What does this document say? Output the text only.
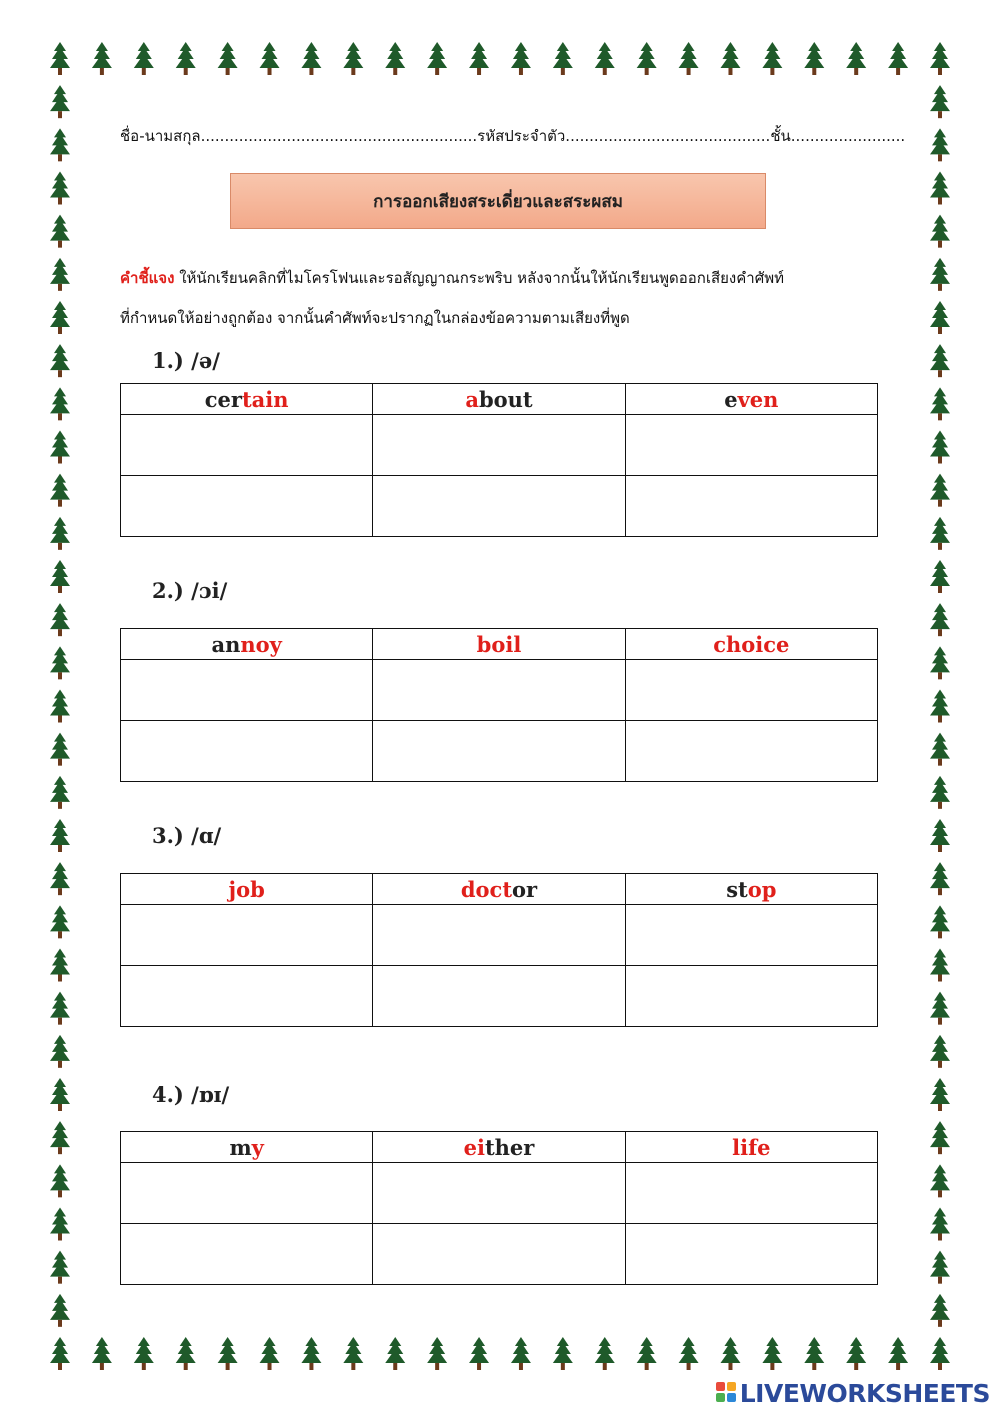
ชื่อ-นามสกุล..........................................................รหัสประจำตัว...........................................ชั้น........................
การออกเสียงสระเดี่ยวและสระผสม
คำชี้แจง ให้นักเรียนคลิกที่ไมโครโฟนและรอสัญญาณกระพริบ หลังจากนั้นให้นักเรียนพูดออกเสียงคำศัพท์
ที่กำหนดให้อย่างถูกต้อง จากนั้นคำศัพท์จะปรากฏในกล่องข้อความตามเสียงที่พูด
1.) /ə/
certain	about	even

2.) /ɔi/
annoy	boil	choice

3.) /ɑ/
job	doctor	stop

4.) /ɒɪ/
my	either	life

LIVEWORKSHEETS
